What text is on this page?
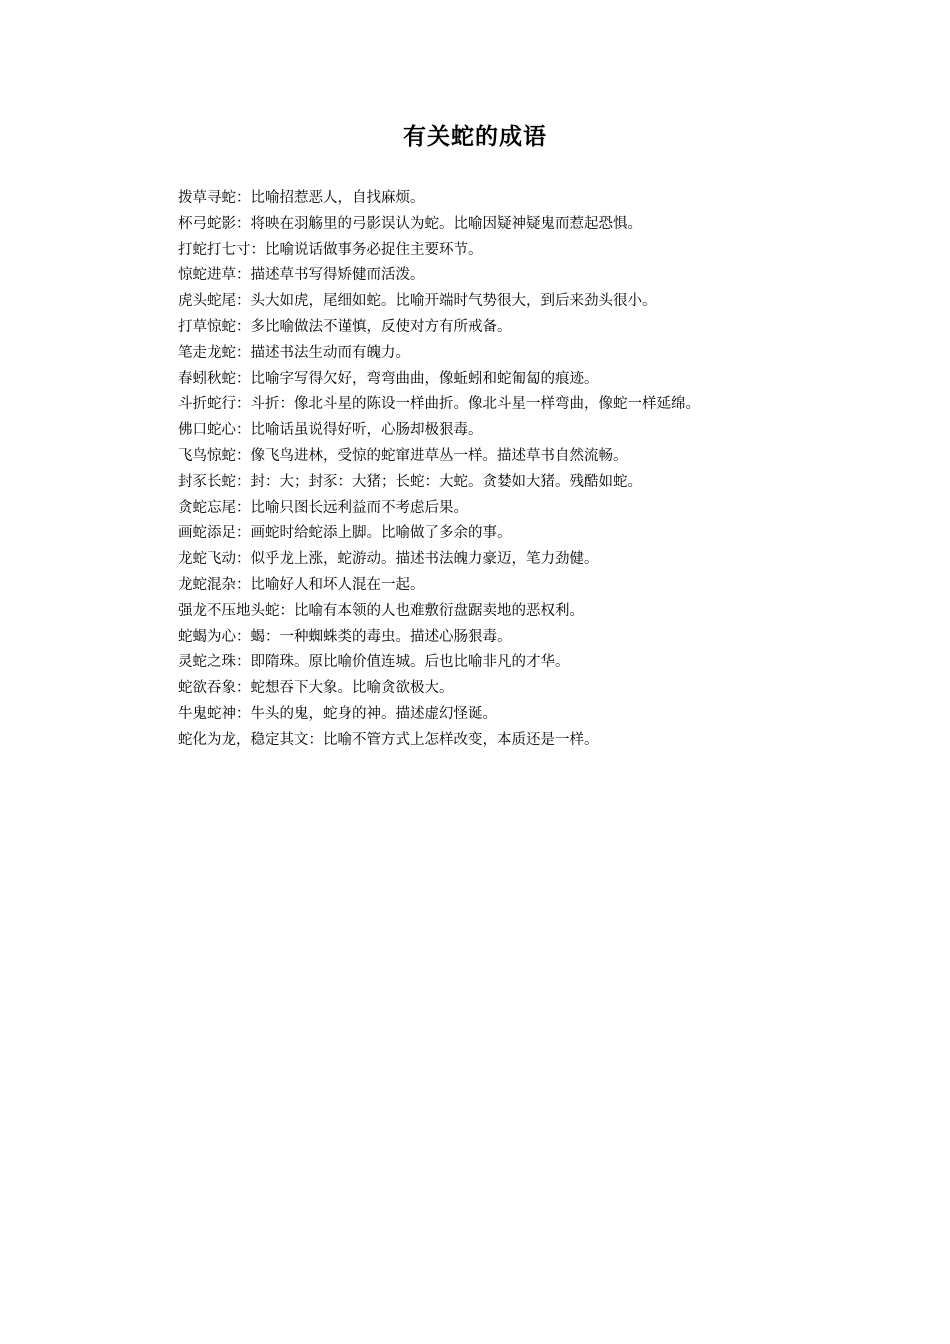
有关蛇的成语
拨草寻蛇：比喻招惹恶人，自找麻烦。
杯弓蛇影：将映在羽觞里的弓影误认为蛇。比喻因疑神疑鬼而惹起恐惧。
打蛇打七寸：比喻说话做事务必捉住主要环节。
惊蛇进草：描述草书写得矫健而活泼。
虎头蛇尾：头大如虎，尾细如蛇。比喻开端时气势很大，到后来劲头很小。
打草惊蛇：多比喻做法不谨慎，反使对方有所戒备。
笔走龙蛇：描述书法生动而有魄力。
春蚓秋蛇：比喻字写得欠好，弯弯曲曲，像蚯蚓和蛇匍匐的痕迹。
斗折蛇行：斗折：像北斗星的陈设一样曲折。像北斗星一样弯曲，像蛇一样延绵。
佛口蛇心：比喻话虽说得好听，心肠却极狠毒。
飞鸟惊蛇：像飞鸟进林，受惊的蛇窜进草丛一样。描述草书自然流畅。
封豕长蛇：封：大；封豕：大猪；长蛇：大蛇。贪婪如大猪。残酷如蛇。
贪蛇忘尾：比喻只图长远利益而不考虑后果。
画蛇添足：画蛇时给蛇添上脚。比喻做了多余的事。
龙蛇飞动：似乎龙上涨，蛇游动。描述书法魄力豪迈，笔力劲健。
龙蛇混杂：比喻好人和坏人混在一起。
强龙不压地头蛇：比喻有本领的人也难敷衍盘踞卖地的恶权利。
蛇蝎为心：蝎：一种蜘蛛类的毒虫。描述心肠狠毒。
灵蛇之珠：即隋珠。原比喻价值连城。后也比喻非凡的才华。
蛇欲吞象：蛇想吞下大象。比喻贪欲极大。
牛鬼蛇神：牛头的鬼，蛇身的神。描述虚幻怪诞。
蛇化为龙，稳定其文：比喻不管方式上怎样改变，本质还是一样。
